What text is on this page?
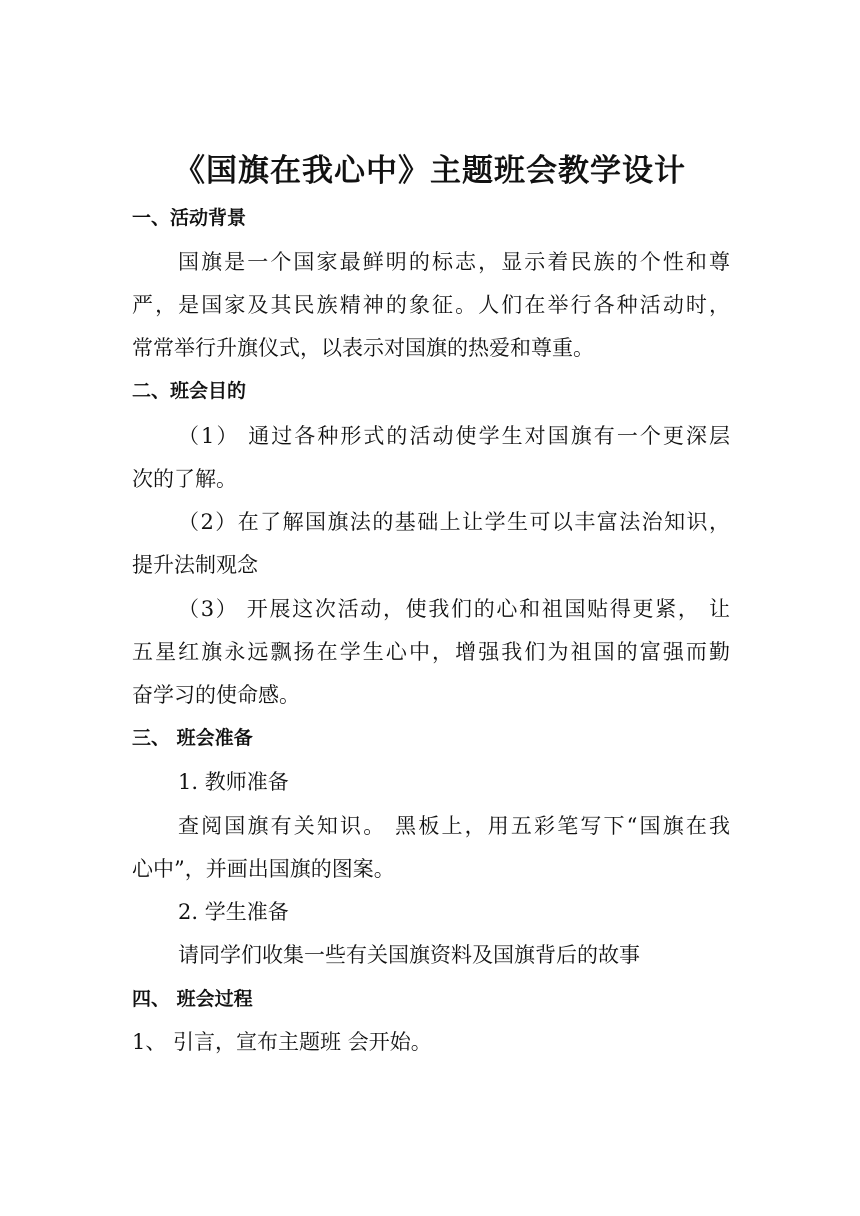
《国旗在我心中》主题班会教学设计
一、活动背景
国旗是一个国家最鲜明的标志，显示着民族的个性和尊
严，是国家及其民族精神的象征。人们在举行各种活动时，
常常举行升旗仪式，以表示对国旗的热爱和尊重。
二、班会目的
（1） 通过各种形式的活动使学生对国旗有一个更深层
次的了解。
（2）在了解国旗法的基础上让学生可以丰富法治知识，
提升法制观念
（3） 开展这次活动，使我们的心和祖国贴得更紧， 让
五星红旗永远飘扬在学生心中，增强我们为祖国的富强而勤
奋学习的使命感。
三、 班会准备
1. 教师准备
查阅国旗有关知识。 黑板上，用五彩笔写下“国旗在我
心中”，并画出国旗的图案。
2. 学生准备
请同学们收集一些有关国旗资料及国旗背后的故事
四、 班会过程
1、 引言，宣布主题班 会开始。
